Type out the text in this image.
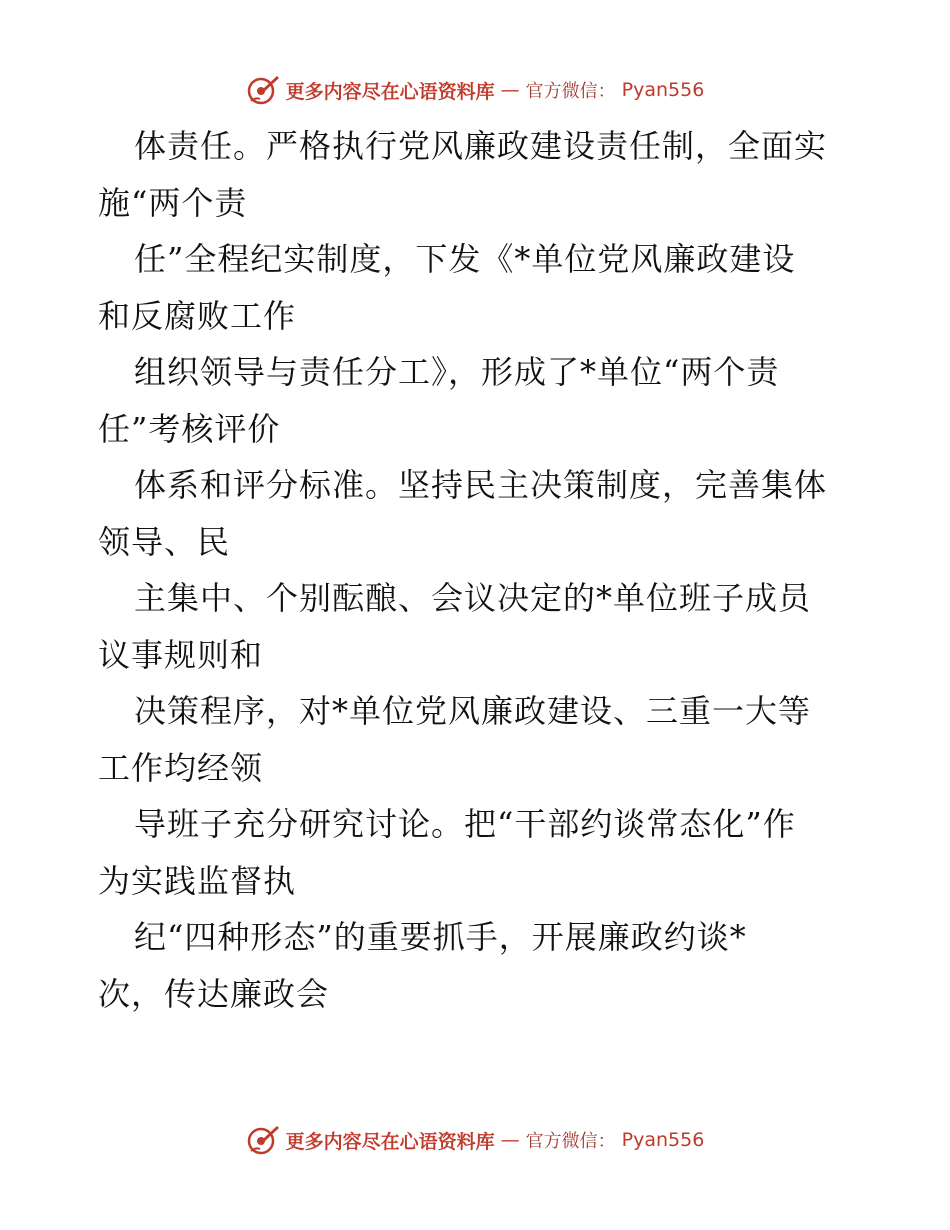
更多内容尽在心语资料库 — 官方微信： Pyan556
体责任。严格执行党风廉政建设责任制，全面实
施“两个责
任”全程纪实制度，下发《*单位党风廉政建设
和反腐败工作
组织领导与责任分工》，形成了*单位“两个责
任”考核评价
体系和评分标准。坚持民主决策制度，完善集体
领导、民
主集中、个别酝酿、会议决定的*单位班子成员
议事规则和
决策程序，对*单位党风廉政建设、三重一大等
工作均经领
导班子充分研究讨论。把“干部约谈常态化”作
为实践监督执
纪“四种形态”的重要抓手，开展廉政约谈*
次，传达廉政会
更多内容尽在心语资料库 — 官方微信： Pyan556
